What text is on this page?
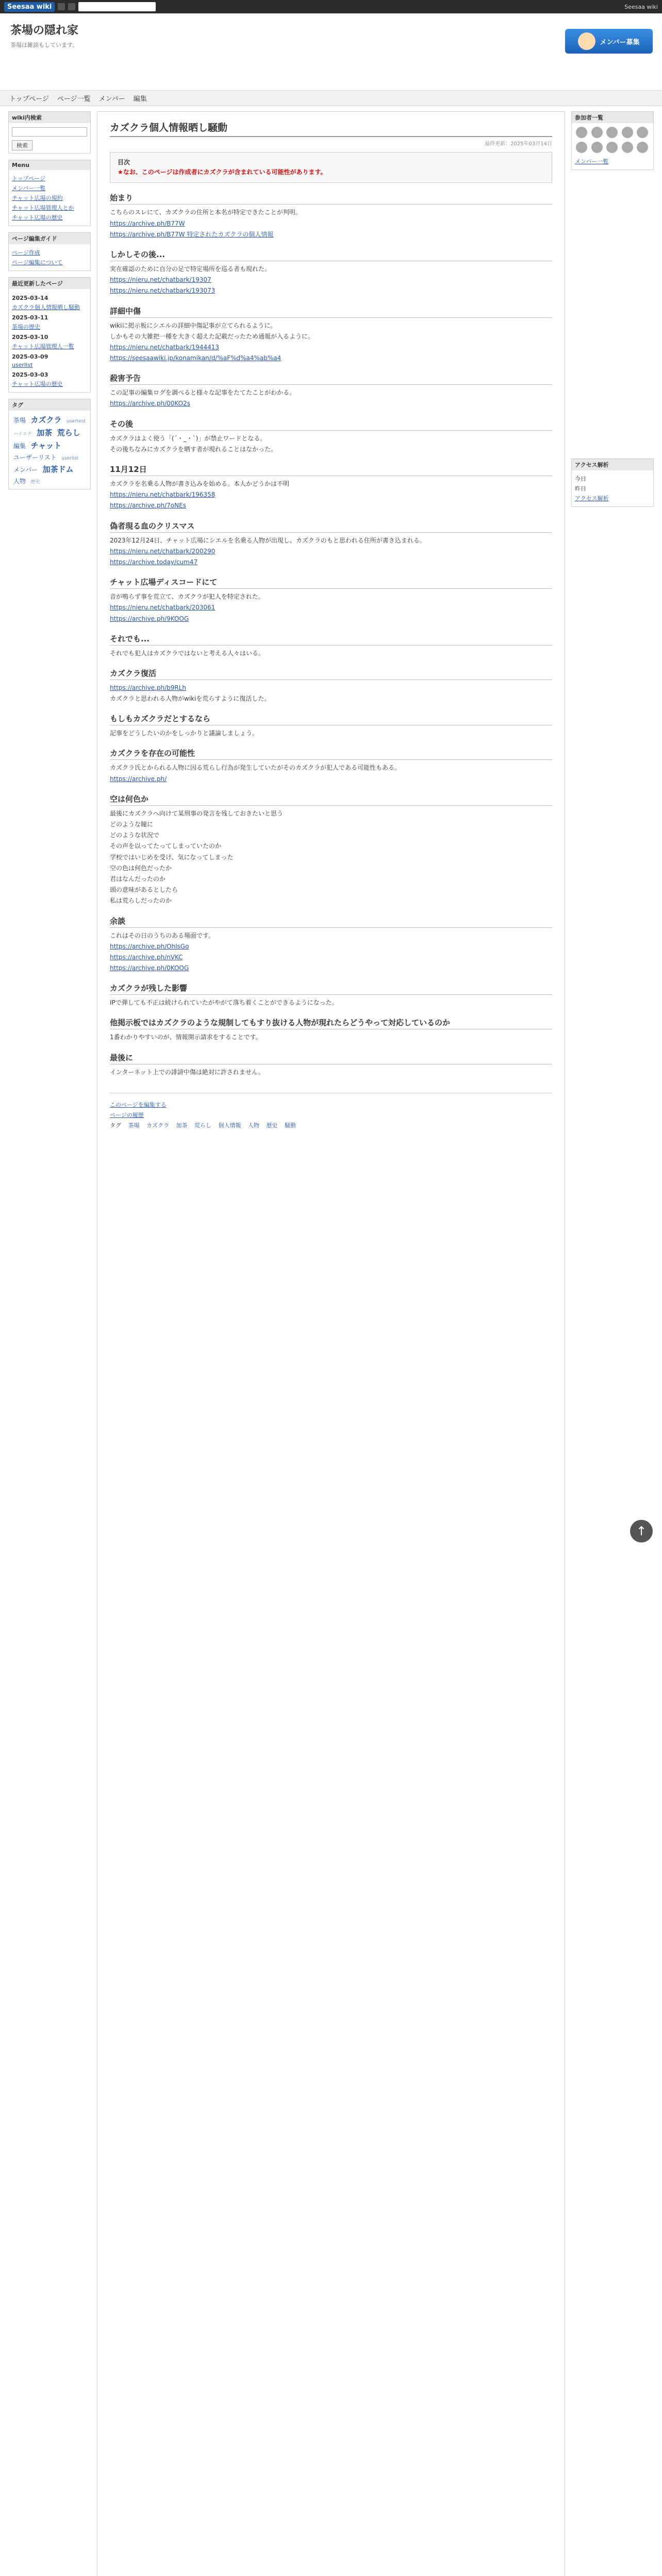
Seesaa wiki	Seesaa wiki
茶場の隠れ家
茶場は雑談もしています。	メンバー募集
トップページ ページ一覧 メンバー 編集
wiki内検索
検索
Menu
トップページ
メンバー一覧
チャット広場の規約
チャット広場管理人とか
チャット広場の歴史
ページ編集ガイド
ページ作成
ページ編集について
最近更新したページ
2025-03-14
カズクラ個人情報晒し騒動
2025-03-11
茶場の歴史
2025-03-10
チャット広場管理人一覧
2025-03-09
userlist
2025-03-03
チャット広場の歴史
タグ
茶場 カズクラ usertest ハイエナ 加茶 荒らし 編集 チャット ユーザーリスト userlist メンバー 加茶ドム 人物 歴史
カズクラ個人情報晒し騒動
最終更新：2025年03月14日
目次
★なお、このページは作成者にカズクラが含まれている可能性があります。
始まり
こちらのスレにて、カズクラの住所と本名が特定できたことが判明。
https://archive.ph/B77W
https://archive.ph/B77W 特定されたカズクラの個人情報
しかしその後...
実在確認のために自分の足で特定場所を巡る者も現れた。
https://nieru.net/chatbark/19307
https://nieru.net/chatbark/193073
詳細中傷
wikiに掲示板にシエルの詳細中傷記事が立てられるように。
しかもその大雑把一種を大きく超えた記載だったため通報が入るように。
https://nieru.net/chatbark/1944413
https://seesaawiki.jp/konamikan/d/%aF%d%a4%ab%a4
殺害予告
この記事の編集ログを調べると様々な記事をたてたことがわかる。
https://archive.ph/00KO2s
その後
カズクラはよく使う「(´・_・`)」が禁止ワードとなる。
その後ちなみにカズクラを晒す者が現れることはなかった。
11月12日
カズクラを名乗る人物が書き込みを始める。本人かどうかは不明
https://nieru.net/chatbark/196358
https://archive.ph/7oNEs
偽者現る血のクリスマス
2023年12月24日、チャット広場にシエルを名乗る人物が出現し、カズクラのもと思われる住所が書き込まれる。
https://nieru.net/chatbark/200290
https://archive.today/cum47
チャット広場ディスコードにて
音が鳴らず事を荒立て、カズクラが犯人を特定された。
https://nieru.net/chatbark/203061
https://archive.ph/9KOOG
それでも...
それでも犯人はカズクラではないと考える人々はいる。
カズクラ復活
https://archive.ph/b9RLh
カズクラと思われる人物がwikiを荒らすように復活した。
もしもカズクラだとするなら
記事をどうしたいのかをしっかりと議論しましょう。
カズクラを存在の可能性
カズクラ氏とかられる人物に因る荒らし行為が発生していたがそのカズクラが犯人である可能性もある。
https://archive.ph/
空は何色か
最後にカズクラへ向けて某刑事の発言を残しておきたいと思う
どのような瞳に
どのような状況で
その声を以ってたってしまっていたのか
学校ではいじめを受け、気になってしまった
空の色は何色だったか
君はなんだったのか
頭の意味があるとしたら
私は荒らしだったのか
余談
これはその日のうちのある場面です。
https://archive.ph/OhlsGo
https://archive.ph/nVKC
https://archive.ph/0KOOG
カズクラが残した影響
IPで弾しても不正は続けられていたがやがて落ち着くことができるようになった。
他掲示板ではカズクラのような規制してもすり抜ける人物が現れたらどうやって対応しているのか
1番わかりやすいのが、情報開示請求をすることです。
最後に
インターネット上での誹謗中傷は絶対に許されません。
このページを編集する
ページの履歴
タグ 茶場 カズクラ 加茶 荒らし 個人情報 人物 歴史 騒動
参加者一覧

メンバー一覧
アクセス解析
今日
昨日
アクセス解析
↑
